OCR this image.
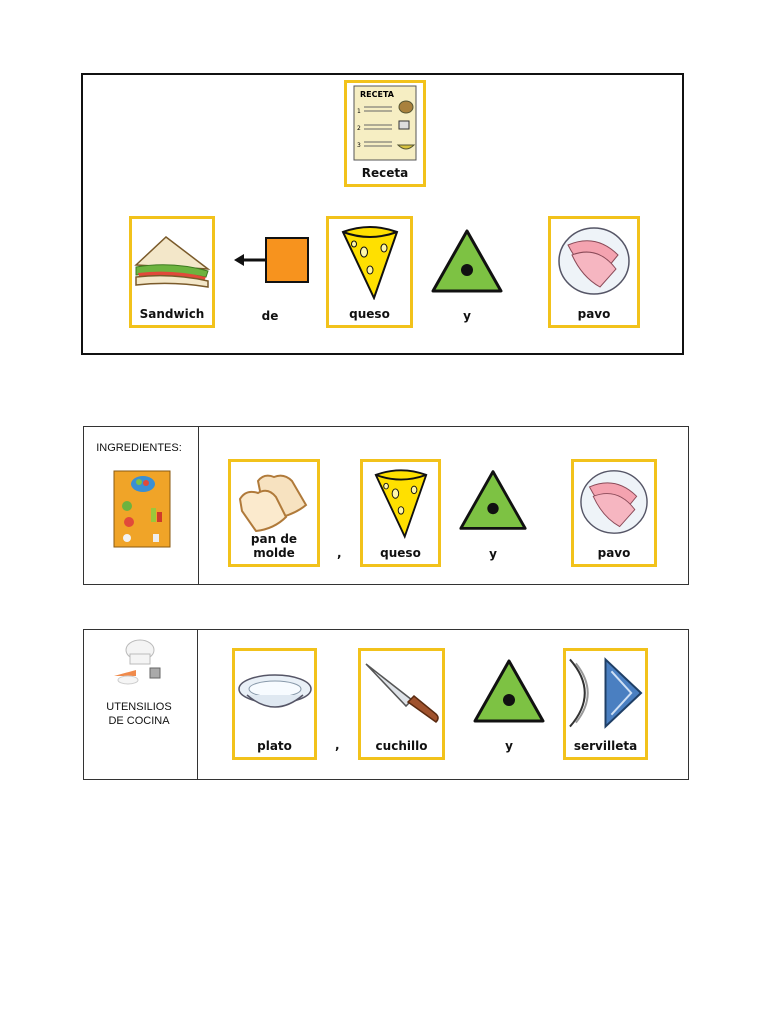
RECETA
1
2
3
Receta
Sandwich	de	queso	y	pavo
INGREDIENTES:
pan de molde	,	queso	y	pavo
UTENSILIOS
DE COCINA
plato	,	cuchillo	y	servilleta
